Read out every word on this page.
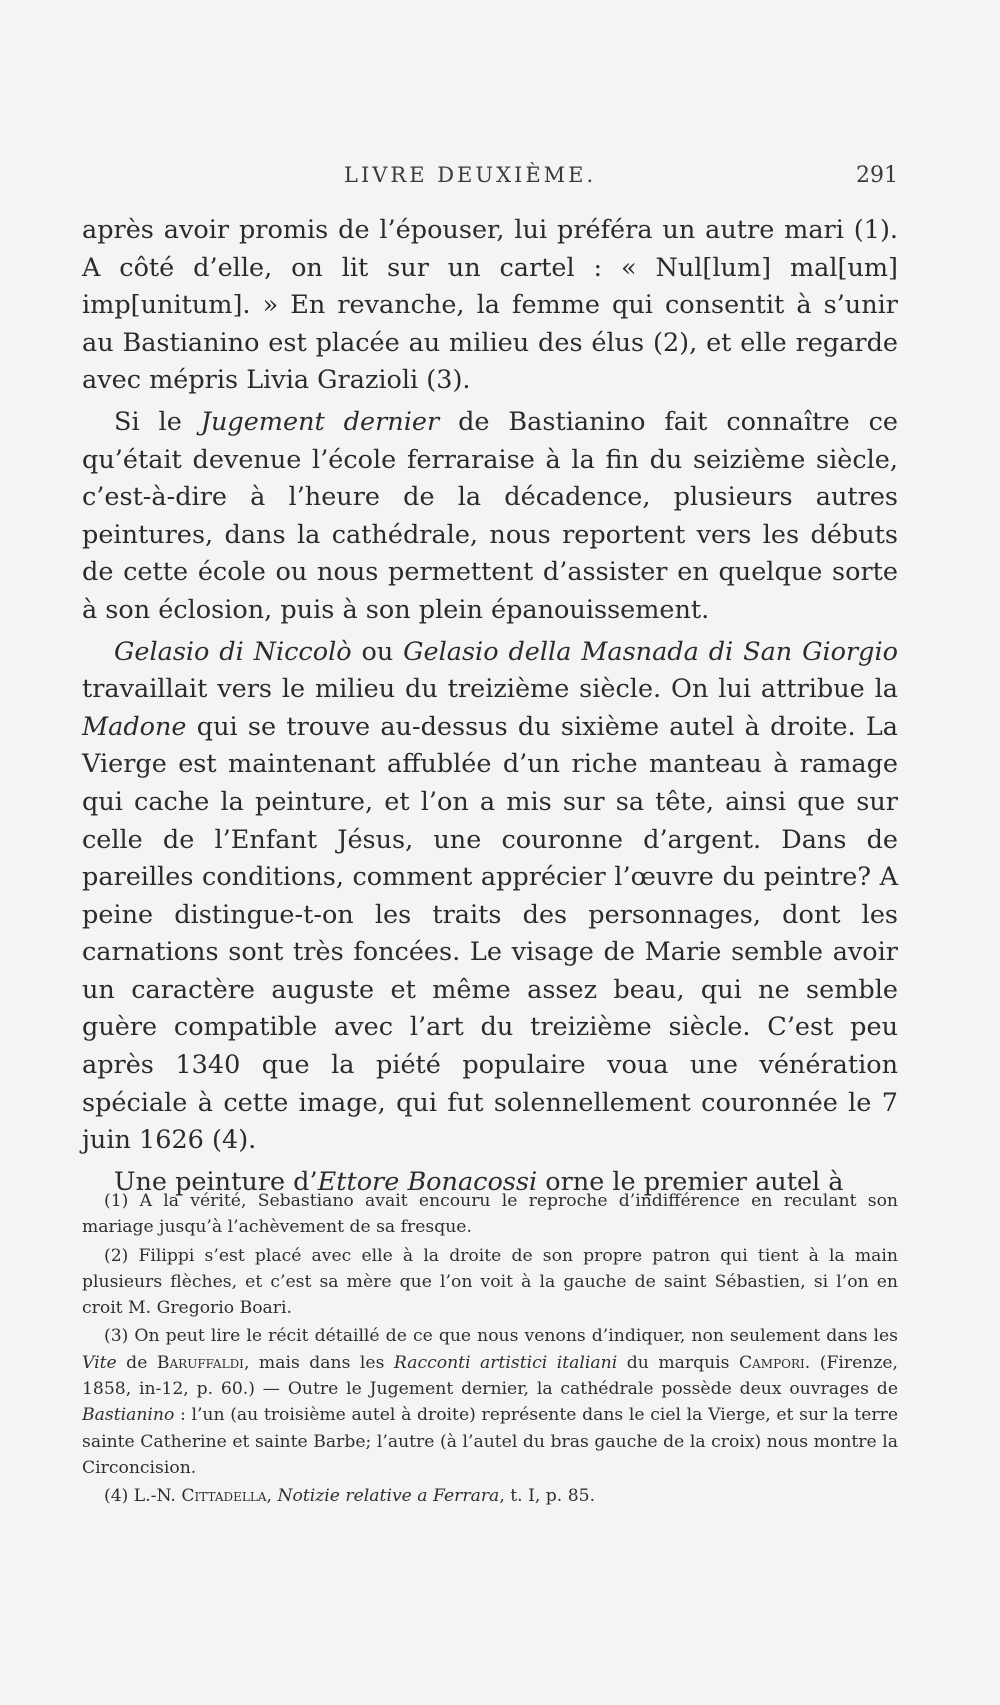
LIVRE DEUXIÈME.	291

après avoir promis de l’épouser, lui préféra un autre mari (1). A côté d’elle, on lit sur un cartel : « Nul[lum] mal[um] imp[unitum]. » En revanche, la femme qui consentit à s’unir au Bastianino est placée au milieu des élus (2), et elle regarde avec mépris Livia Grazioli (3).

Si le Jugement dernier de Bastianino fait connaître ce qu’était devenue l’école ferraraise à la fin du seizième siècle, c’est-à-dire à l’heure de la décadence, plusieurs autres peintures, dans la cathédrale, nous reportent vers les débuts de cette école ou nous permettent d’assister en quelque sorte à son éclosion, puis à son plein épanouissement.

Gelasio di Niccolò ou Gelasio della Masnada di San Giorgio travaillait vers le milieu du treizième siècle. On lui attribue la Madone qui se trouve au-dessus du sixième autel à droite. La Vierge est maintenant affublée d’un riche manteau à ramage qui cache la peinture, et l’on a mis sur sa tête, ainsi que sur celle de l’Enfant Jésus, une couronne d’argent. Dans de pareilles conditions, comment apprécier l’œuvre du peintre? A peine distingue-t-on les traits des personnages, dont les carnations sont très foncées. Le visage de Marie semble avoir un caractère auguste et même assez beau, qui ne semble guère compatible avec l’art du treizième siècle. C’est peu après 1340 que la piété populaire voua une vénération spéciale à cette image, qui fut solennellement couronnée le 7 juin 1626 (4).

Une peinture d’Ettore Bonacossi orne le premier autel à

(1) A la vérité, Sebastiano avait encouru le reproche d’indifférence en reculant son mariage jusqu’à l’achèvement de sa fresque.

(2) Filippi s’est placé avec elle à la droite de son propre patron qui tient à la main plusieurs flèches, et c’est sa mère que l’on voit à la gauche de saint Sébastien, si l’on en croit M. Gregorio Boari.

(3) On peut lire le récit détaillé de ce que nous venons d’indiquer, non seulement dans les Vite de Baruffaldi, mais dans les Racconti artistici italiani du marquis Campori. (Firenze, 1858, in-12, p. 60.) — Outre le Jugement dernier, la cathédrale possède deux ouvrages de Bastianino : l’un (au troisième autel à droite) représente dans le ciel la Vierge, et sur la terre sainte Catherine et sainte Barbe; l’autre (à l’autel du bras gauche de la croix) nous montre la Circoncision.

(4) L.-N. Cittadella, Notizie relative a Ferrara, t. I, p. 85.
